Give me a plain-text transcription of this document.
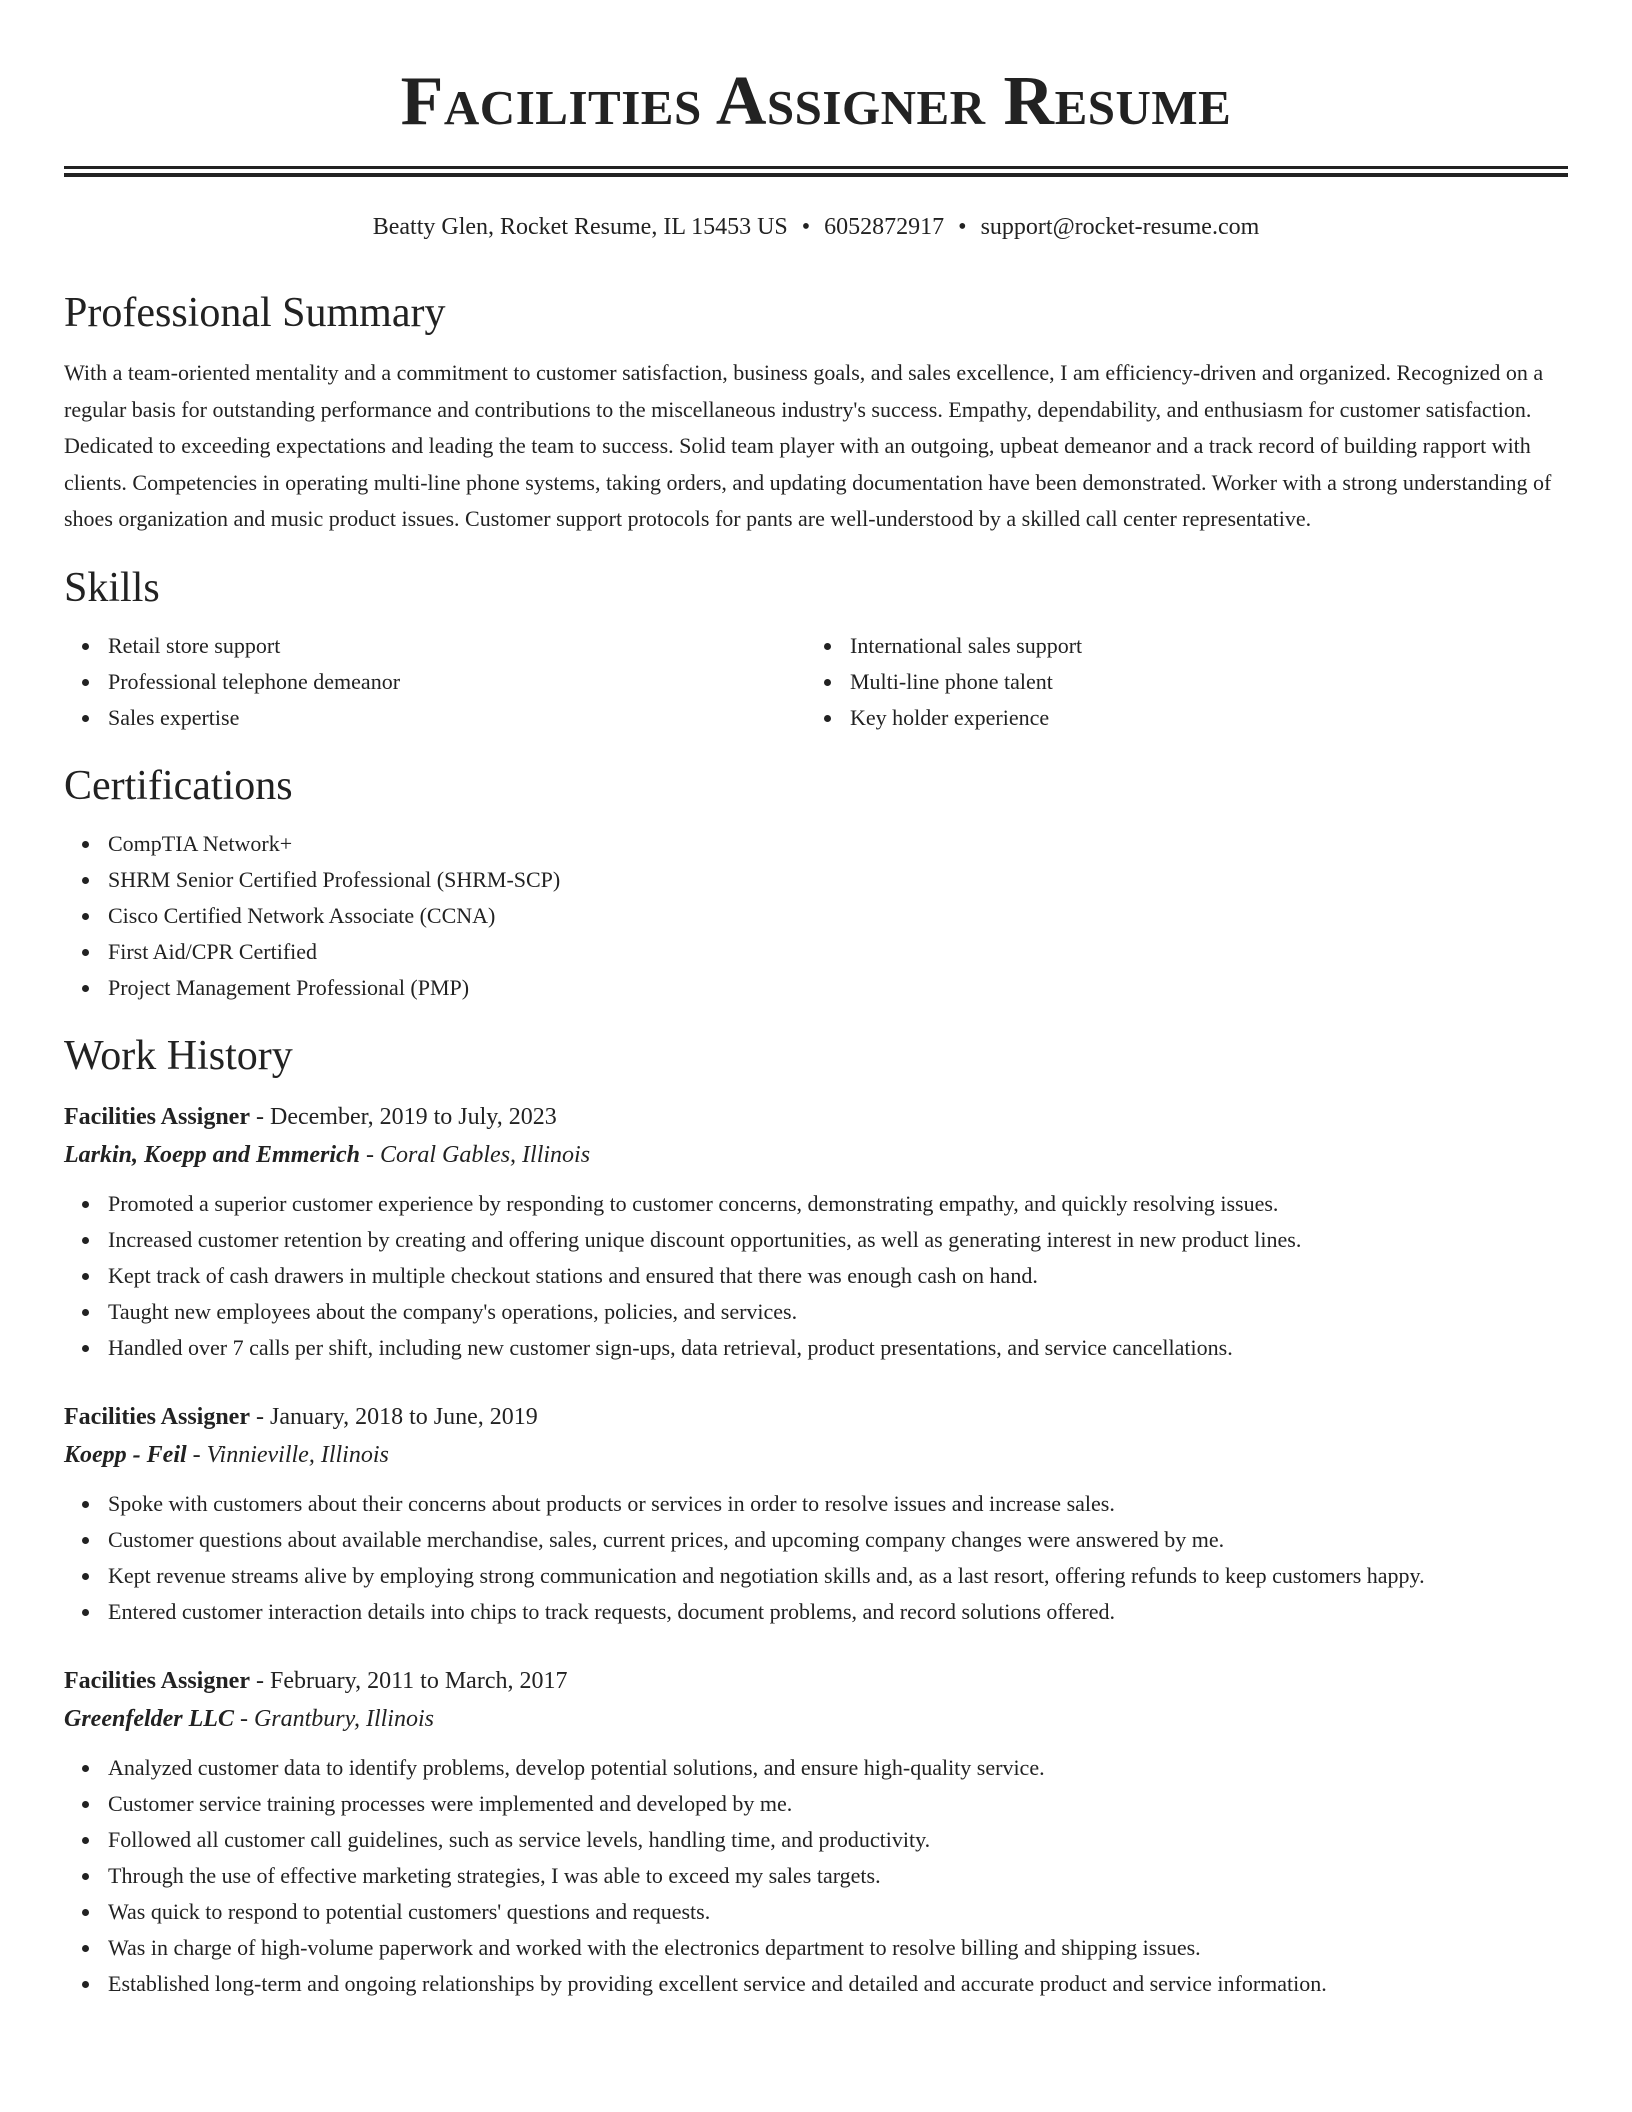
Facilities Assigner Resume
Beatty Glen, Rocket Resume, IL 15453 US • 6052872917 • support@rocket-resume.com
Professional Summary

With a team-oriented mentality and a commitment to customer satisfaction, business goals, and sales excellence, I am efficiency-driven and organized. Recognized on a regular basis for outstanding performance and contributions to the miscellaneous industry's success. Empathy, dependability, and enthusiasm for customer satisfaction. Dedicated to exceeding expectations and leading the team to success. Solid team player with an outgoing, upbeat demeanor and a track record of building rapport with clients. Competencies in operating multi-line phone systems, taking orders, and updating documentation have been demonstrated. Worker with a strong understanding of shoes organization and music product issues. Customer support protocols for pants are well-understood by a skilled call center representative.

Skills
Retail store support
Professional telephone demeanor
Sales expertise
International sales support
Multi-line phone talent
Key holder experience
Certifications
CompTIA Network+
SHRM Senior Certified Professional (SHRM-SCP)
Cisco Certified Network Associate (CCNA)
First Aid/CPR Certified
Project Management Professional (PMP)
Work History
Facilities Assigner - December, 2019 to July, 2023
Larkin, Koepp and Emmerich - Coral Gables, Illinois
Promoted a superior customer experience by responding to customer concerns, demonstrating empathy, and quickly resolving issues.
Increased customer retention by creating and offering unique discount opportunities, as well as generating interest in new product lines.
Kept track of cash drawers in multiple checkout stations and ensured that there was enough cash on hand.
Taught new employees about the company's operations, policies, and services.
Handled over 7 calls per shift, including new customer sign-ups, data retrieval, product presentations, and service cancellations.
Facilities Assigner - January, 2018 to June, 2019
Koepp - Feil - Vinnieville, Illinois
Spoke with customers about their concerns about products or services in order to resolve issues and increase sales.
Customer questions about available merchandise, sales, current prices, and upcoming company changes were answered by me.
Kept revenue streams alive by employing strong communication and negotiation skills and, as a last resort, offering refunds to keep customers happy.
Entered customer interaction details into chips to track requests, document problems, and record solutions offered.
Facilities Assigner - February, 2011 to March, 2017
Greenfelder LLC - Grantbury, Illinois
Analyzed customer data to identify problems, develop potential solutions, and ensure high-quality service.
Customer service training processes were implemented and developed by me.
Followed all customer call guidelines, such as service levels, handling time, and productivity.
Through the use of effective marketing strategies, I was able to exceed my sales targets.
Was quick to respond to potential customers' questions and requests.
Was in charge of high-volume paperwork and worked with the electronics department to resolve billing and shipping issues.
Established long-term and ongoing relationships by providing excellent service and detailed and accurate product and service information.
